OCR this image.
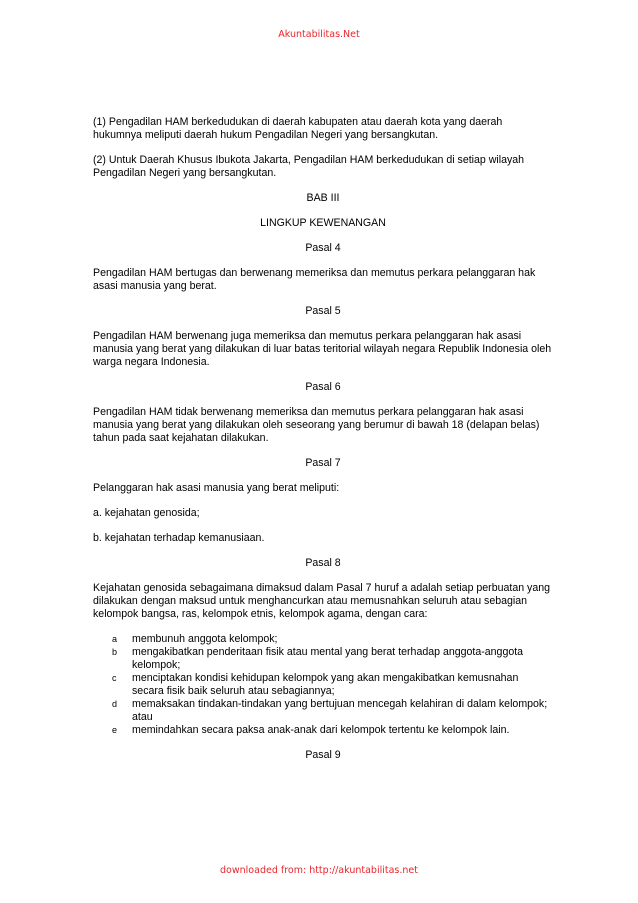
Akuntabilitas.Net

(1) Pengadilan HAM berkedudukan di daerah kabupaten atau daerah kota yang daerah hukumnya meliputi daerah hukum Pengadilan Negeri yang bersangkutan.

(2) Untuk Daerah Khusus Ibukota Jakarta, Pengadilan HAM berkedudukan di setiap wilayah Pengadilan Negeri yang bersangkutan.

BAB III

LINGKUP KEWENANGAN

Pasal 4

Pengadilan HAM bertugas dan berwenang memeriksa dan memutus perkara pelanggaran hak asasi manusia yang berat.

Pasal 5

Pengadilan HAM berwenang juga memeriksa dan memutus perkara pelanggaran hak asasi manusia yang berat yang dilakukan di luar batas teritorial wilayah negara Republik Indonesia oleh warga negara Indonesia.

Pasal 6

Pengadilan HAM tidak berwenang memeriksa dan memutus perkara pelanggaran hak asasi manusia yang berat yang dilakukan oleh seseorang yang berumur di bawah 18 (delapan belas) tahun pada saat kejahatan dilakukan.

Pasal 7

Pelanggaran hak asasi manusia yang berat meliputi:

a. kejahatan genosida;

b. kejahatan terhadap kemanusiaan.

Pasal 8

Kejahatan genosida sebagaimana dimaksud dalam Pasal 7 huruf a adalah setiap perbuatan yang dilakukan dengan maksud untuk menghancurkan atau memusnahkan seluruh atau sebagian kelompok bangsa, ras, kelompok etnis, kelompok agama, dengan cara:

a membunuh anggota kelompok;
b mengakibatkan penderitaan fisik atau mental yang berat terhadap anggota-anggota kelompok;
c	menciptakan kondisi kehidupan kelompok yang akan mengakibatkan kemusnahan secara fisik baik seluruh atau sebagiannya;
d memaksakan tindakan-tindakan yang bertujuan mencegah kelahiran di dalam kelompok; atau
e memindahkan secara paksa anak-anak dari kelompok tertentu ke kelompok lain.

Pasal 9

downloaded from: http://akuntabilitas.net
